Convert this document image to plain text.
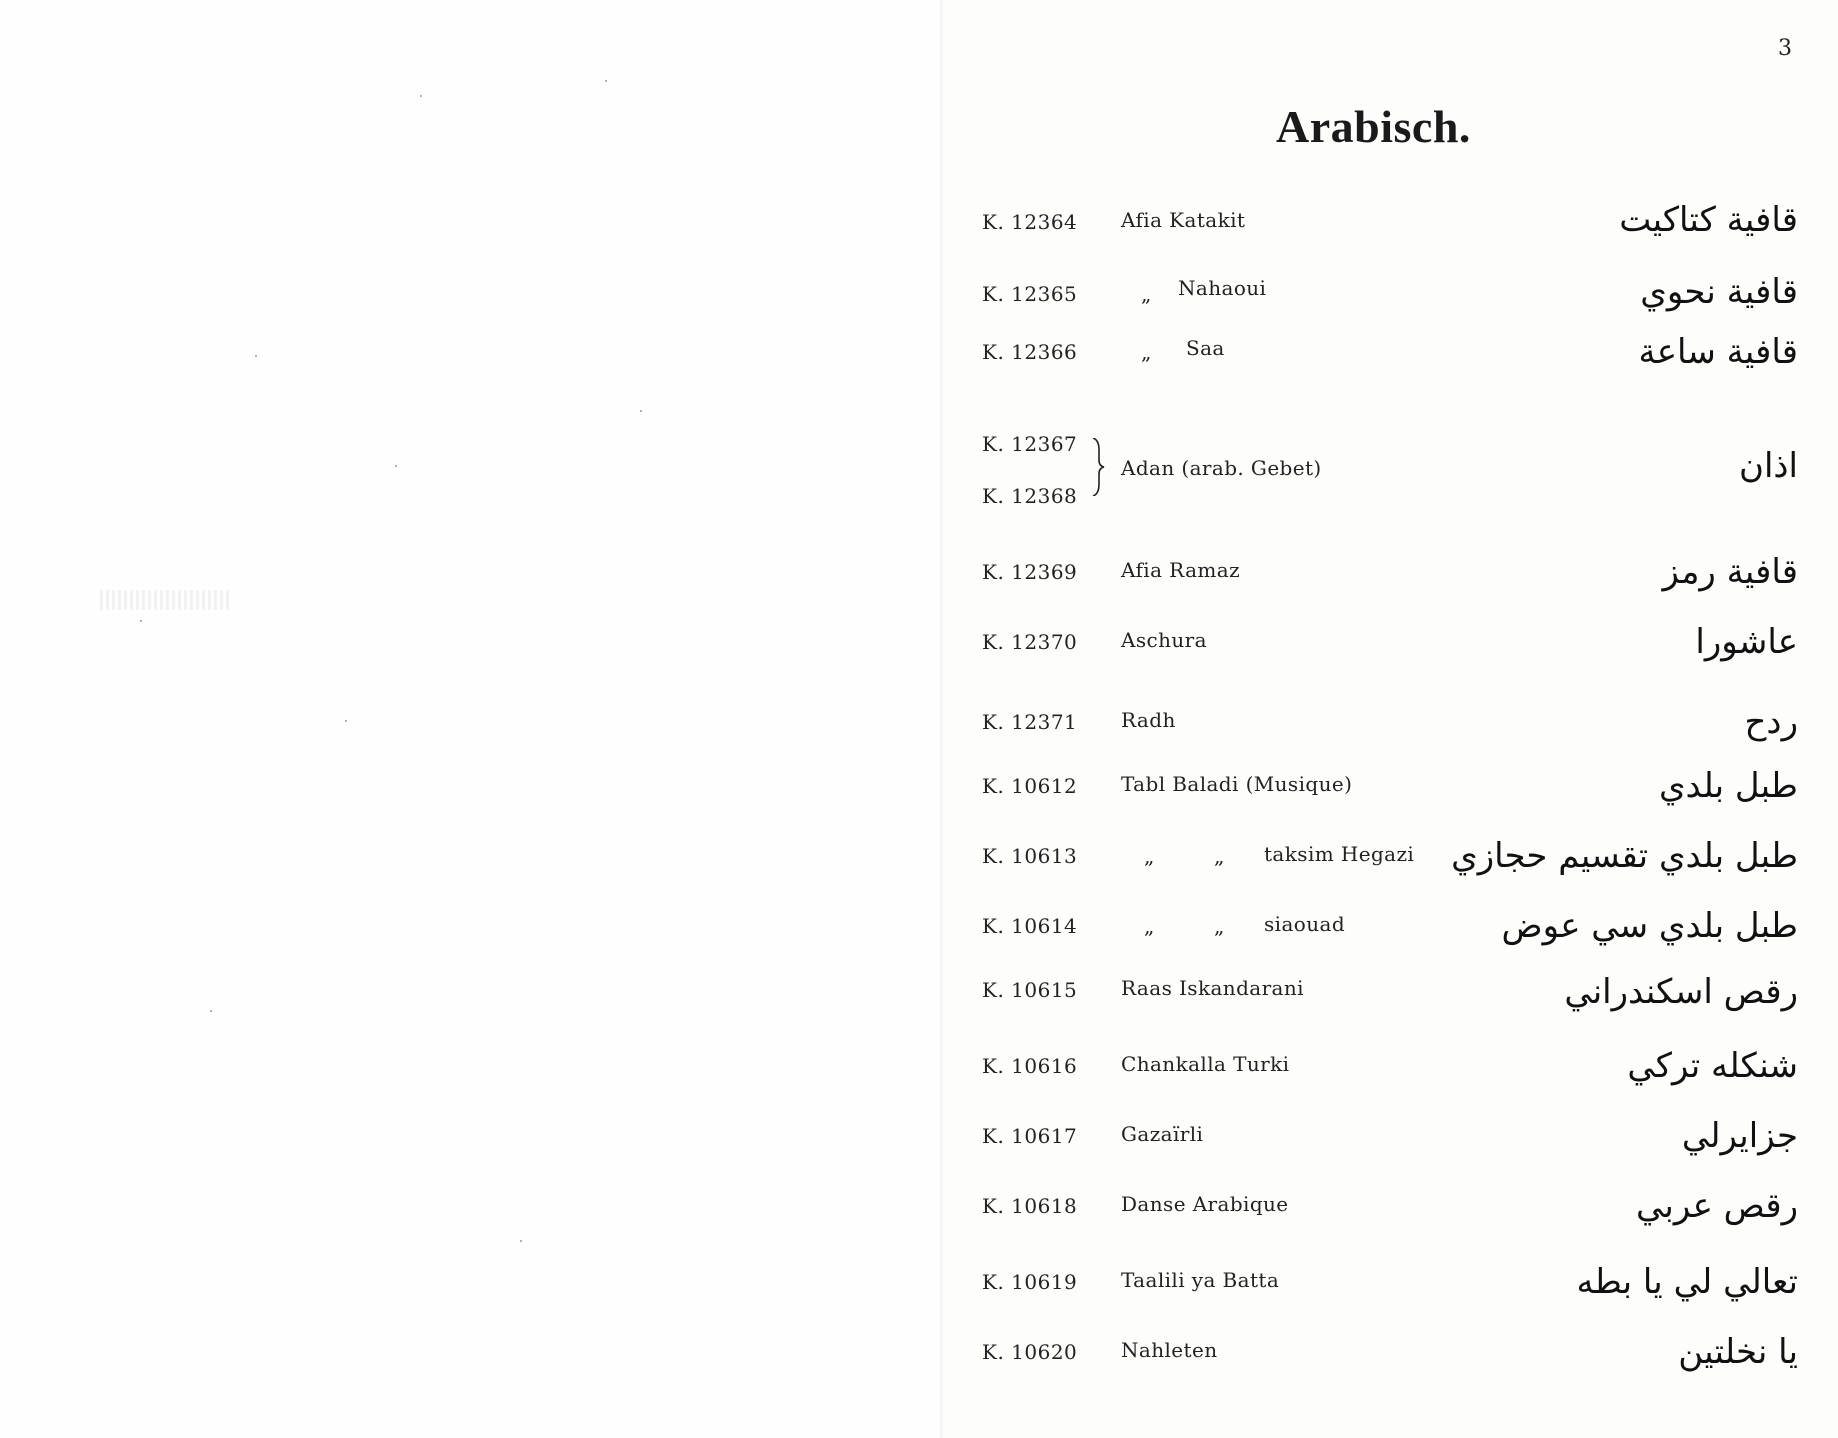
3
Arabisch.
K. 12364 Afia Katakit	قافية كتاكيت
K. 12365	„ Nahaoui	قافية نحوي
K. 12366	„ Saa	قافية ساعة
K. 12367
K. 12368
Adan (arab. Gebet)	اذان
K. 12369 Afia Ramaz	قافية رمز
K. 12370 Aschura	عاشورا
K. 12371 Radh	ردح
K. 10612 Tabl Baladi (Musique)	طبل بلدي
K. 10613	„	„ taksim Hegazi طبل بلدي تقسيم حجازي
K. 10614	„	„ siaouad	طبل بلدي سي عوض
K. 10615 Raas Iskandarani	رقص اسكندراني
K. 10616 Chankalla Turki	شنكله تركي
K. 10617 Gazaïrli	جزايرلي
K. 10618 Danse Arabique	رقص عربي
K. 10619 Taalili ya Batta	تعالي لي يا بطه
K. 10620 Nahleten	يا نخلتين
